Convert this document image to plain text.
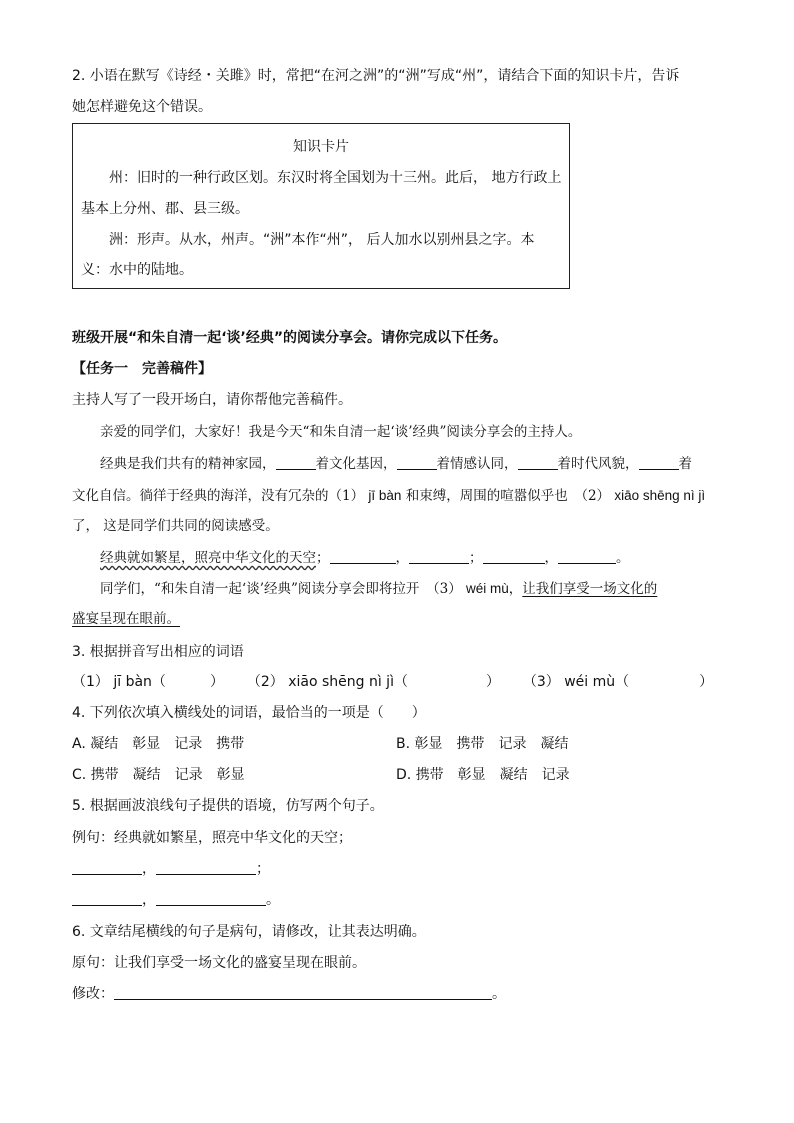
2. 小语在默写《诗经・关雎》时，常把“在河之洲”的“洲”写成“州”，请结合下面的知识卡片，告诉
她怎样避免这个错误。
知识卡片
州：旧时的一种行政区划。东汉时将全国划为十三州。此后， 地方行政上
基本上分州、郡、县三级。
洲：形声。从水，州声。“洲”本作“州”， 后人加水以别州县之字。本
义：水中的陆地。
班级开展“和朱自清一起‘谈’经典”的阅读分享会。请你完成以下任务。
【任务一　完善稿件】
主持人写了一段开场白，请你帮他完善稿件。
亲爱的同学们，大家好！我是今天“和朱自清一起‘谈’经典”阅读分享会的主持人。
经典是我们共有的精神家园，	着文化基因，	着情感认同，	着时代风貌，	着
文化自信。徜徉于经典的海洋，没有冗杂的（1） jī bàn 和束缚，周围的喧嚣似乎也　（2） xiāo shēng nì jì
了， 这是同学们共同的阅读感受。
经典就如繁星，照亮中华文化的天空；	，	；	，	。
同学们，“和朱自清一起‘谈’经典”阅读分享会即将拉开　（3） wéi mù，让我们享受一场文化的
盛宴呈现在眼前。
3. 根据拼音写出相应的词语
（1） jī bàn（	） （2） xiāo shēng nì jì（	） （3） wéi mù（	）
4. 下列依次填入横线处的词语，最恰当的一项是（　　）
A. 凝结　彰显　记录　携带	B. 彰显　携带　记录　凝结
C. 携带　凝结　记录　彰显	D. 携带　彰显　凝结　记录
5. 根据画波浪线句子提供的语境，仿写两个句子。
例句：经典就如繁星，照亮中华文化的天空；
，	；
，	。
6. 文章结尾横线的句子是病句，请修改，让其表达明确。
原句：让我们享受一场文化的盛宴呈现在眼前。
修改：	。
